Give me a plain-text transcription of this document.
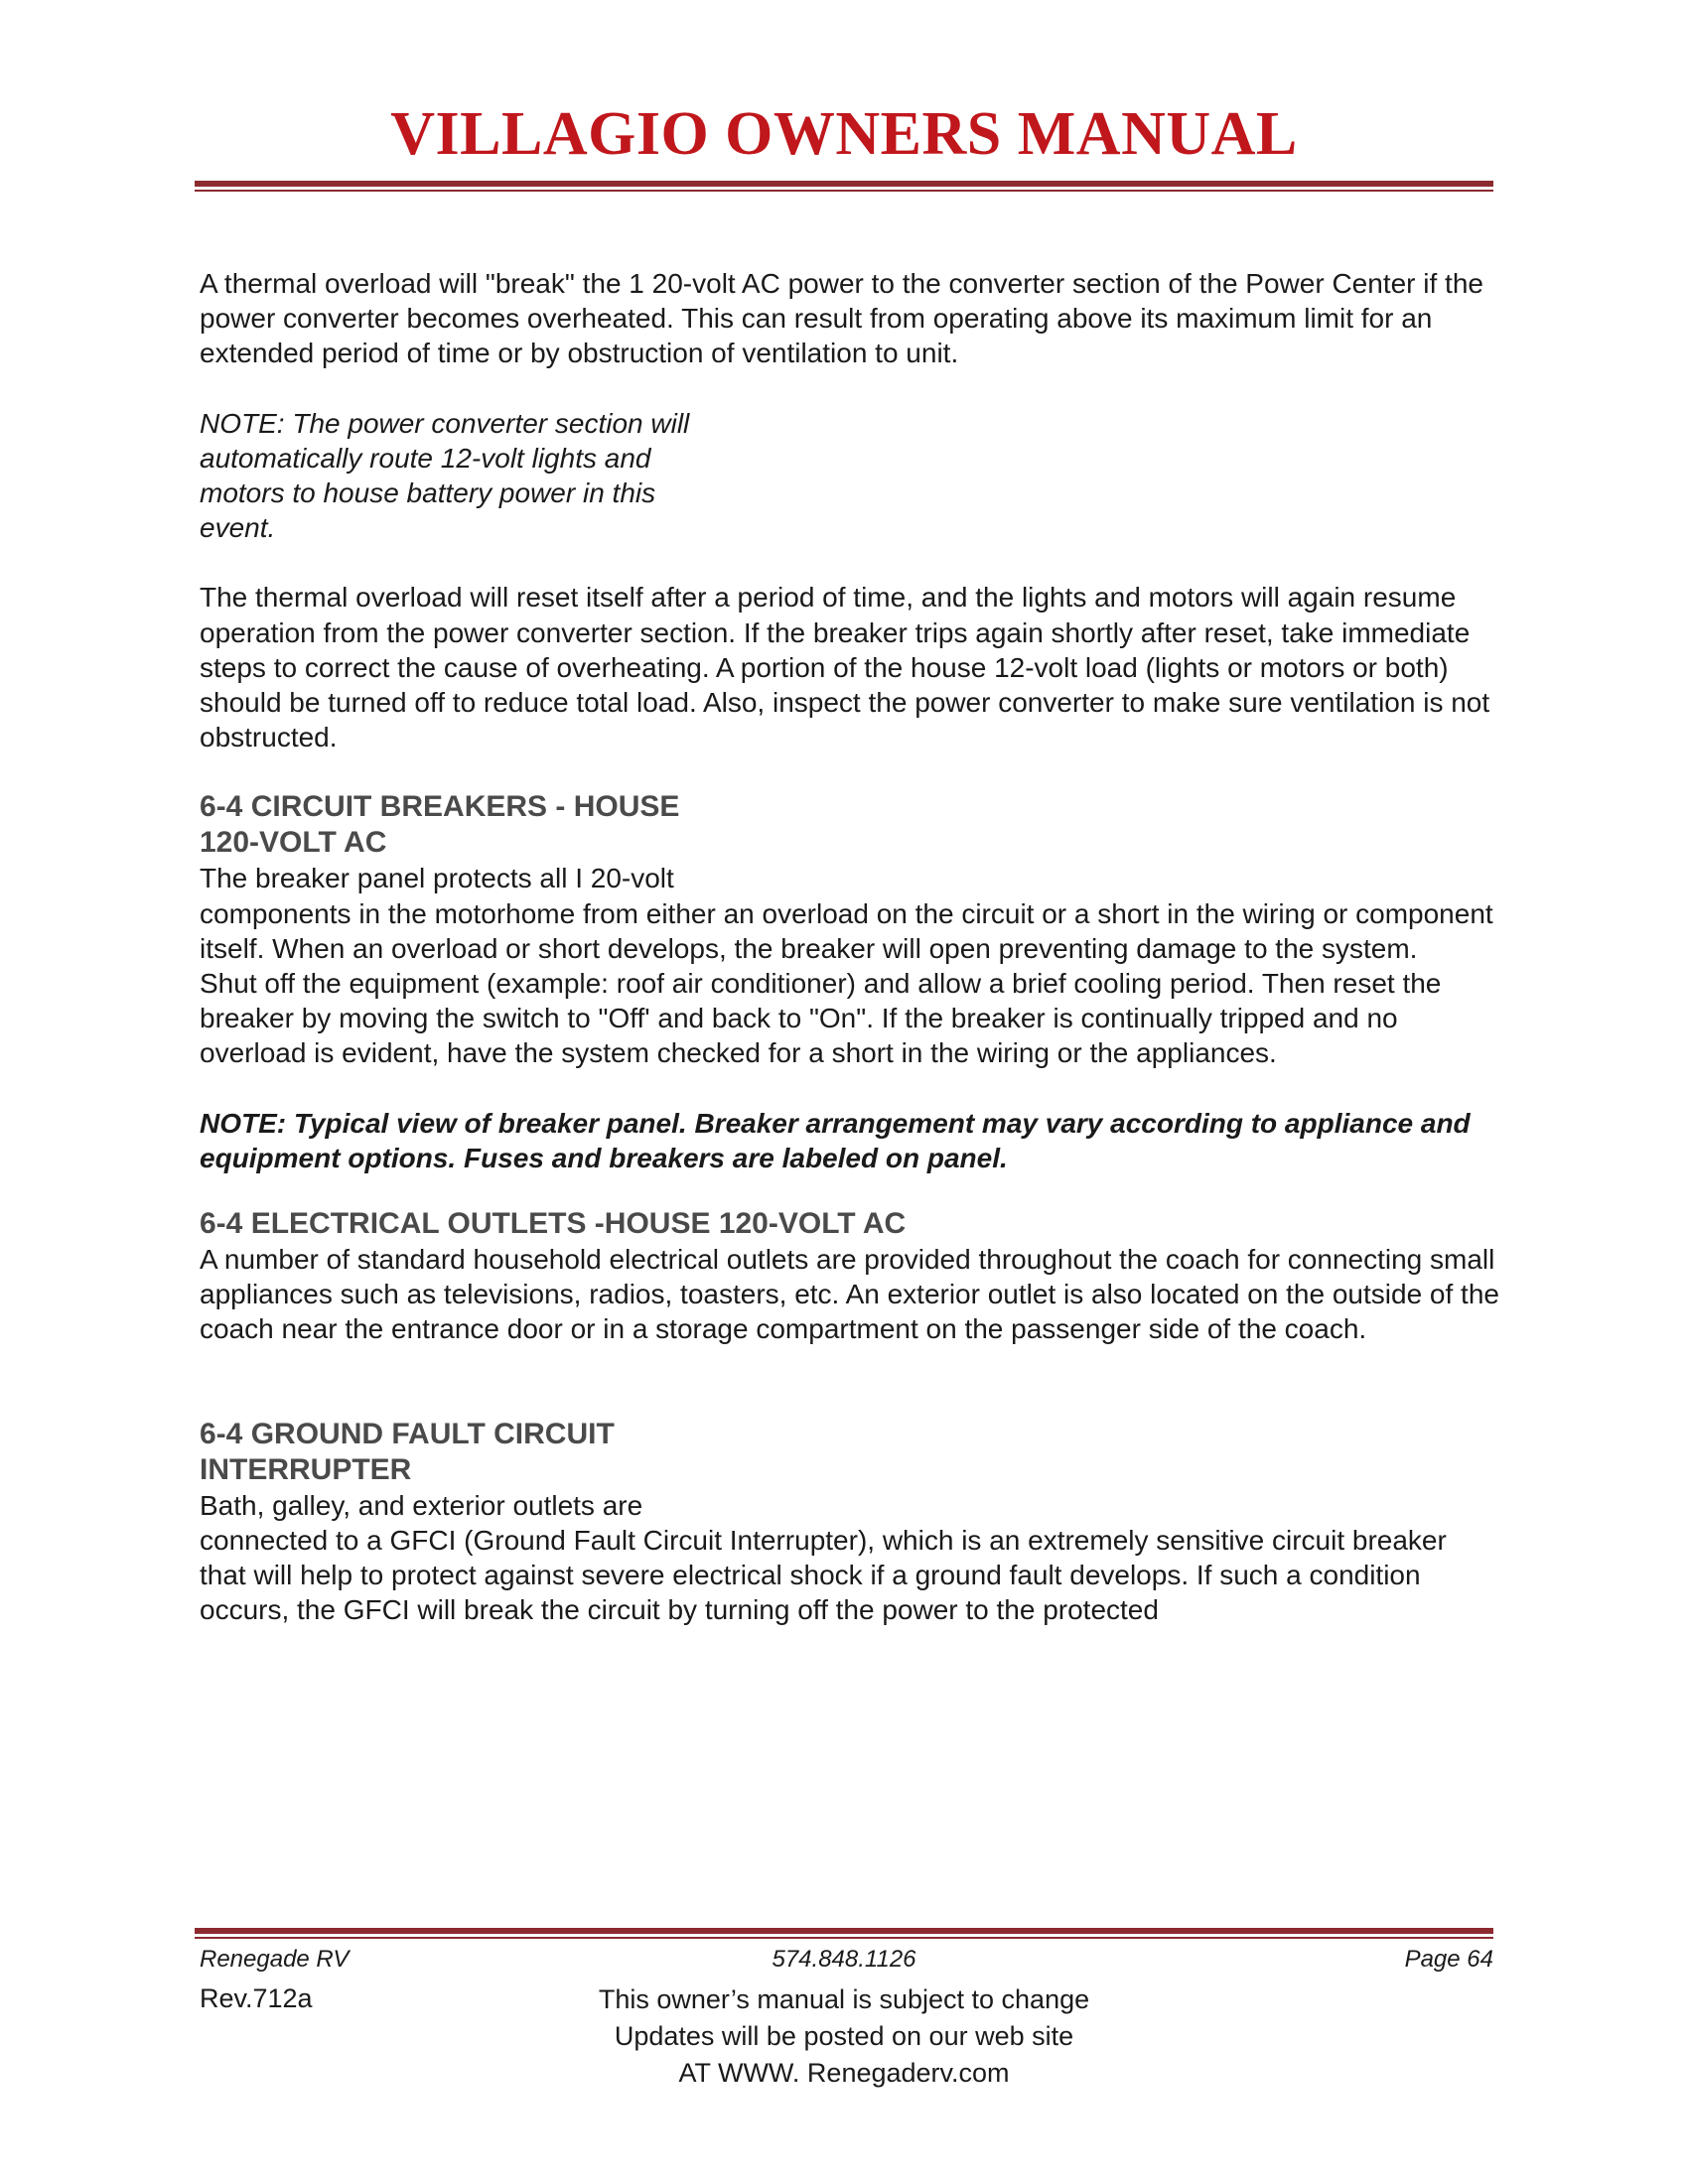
VILLAGIO OWNERS MANUAL

A thermal overload will "break" the 1 20-volt AC power to the converter section of the Power Center if the power converter becomes overheated. This can result from operating above its maximum limit for an extended period of time or by obstruction of ventilation to unit.

NOTE: The power converter section will
automatically route 12-volt lights and
motors to house battery power in this
event.

The thermal overload will reset itself after a period of time, and the lights and motors will again resume operation from the power converter section. If the breaker trips again shortly after reset, take immediate steps to correct the cause of overheating. A portion of the house 12-volt load (lights or motors or both) should be turned off to reduce total load. Also, inspect the power converter to make sure ventilation is not obstructed.

6-4 CIRCUIT BREAKERS - HOUSE
120-VOLT AC

The breaker panel protects all I 20-volt

components in the motorhome from either an overload on the circuit or a short in the wiring or component itself. When an overload or short develops, the breaker will open preventing damage to the system.

Shut off the equipment (example: roof air conditioner) and allow a brief cooling period. Then reset the breaker by moving the switch to "Off' and back to "On". If the breaker is continually tripped and no overload is evident, have the system checked for a short in the wiring or the appliances.

NOTE: Typical view of breaker panel. Breaker arrangement may vary according to appliance and equipment options. Fuses and breakers are labeled on panel.

6-4 ELECTRICAL OUTLETS -HOUSE 120-VOLT AC

A number of standard household electrical outlets are provided throughout the coach for connecting small appliances such as televisions, radios, toasters, etc. An exterior outlet is also located on the outside of the coach near the entrance door or in a storage compartment on the passenger side of the coach.

6-4 GROUND FAULT CIRCUIT
INTERRUPTER

Bath, galley, and exterior outlets are

connected to a GFCI (Ground Fault Circuit Interrupter), which is an extremely sensitive circuit breaker that will help to protect against severe electrical shock if a ground fault develops. If such a condition occurs, the GFCI will break the circuit by turning off the power to the protected

Renegade RV	574.848.1126	Page 64
Rev.712a	This owner’s manual is subject to change
Updates will be posted on our web site
AT WWW. Renegaderv.com
